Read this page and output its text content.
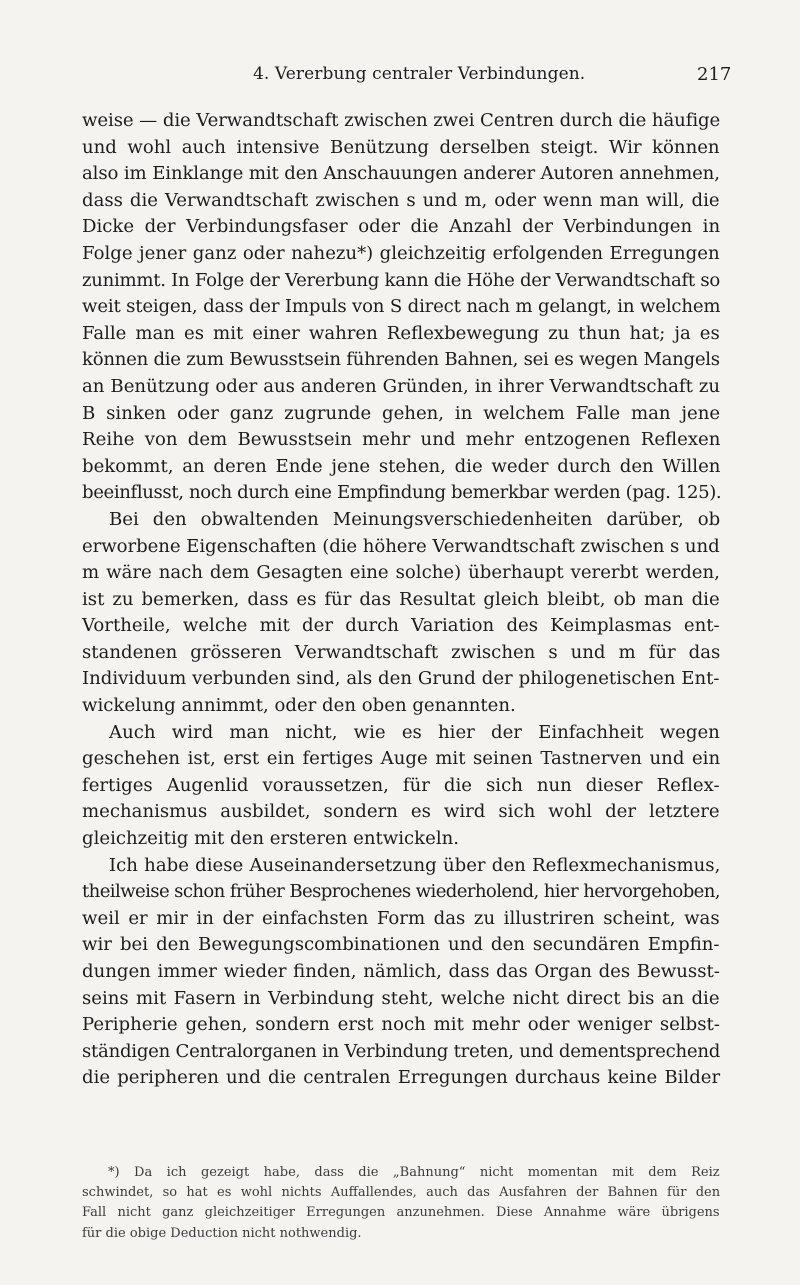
4. Vererbung centraler Verbindungen.	217
weise — die Verwandtschaft zwischen zwei Centren durch die häufige
und wohl auch intensive Benützung derselben steigt. Wir können
also im Einklange mit den Anschauungen anderer Autoren annehmen,
dass die Verwandtschaft zwischen s und m, oder wenn man will, die
Dicke der Verbindungsfaser oder die Anzahl der Verbindungen in
Folge jener ganz oder nahezu*) gleichzeitig erfolgenden Erregungen
zunimmt. In Folge der Vererbung kann die Höhe der Verwandtschaft so
weit steigen, dass der Impuls von S direct nach m gelangt, in welchem
Falle man es mit einer wahren Reflexbewegung zu thun hat; ja es
können die zum Bewusstsein führenden Bahnen, sei es wegen Mangels
an Benützung oder aus anderen Gründen, in ihrer Verwandtschaft zu
B sinken oder ganz zugrunde gehen, in welchem Falle man jene
Reihe von dem Bewusstsein mehr und mehr entzogenen Reflexen
bekommt, an deren Ende jene stehen, die weder durch den Willen
beeinflusst, noch durch eine Empfindung bemerkbar werden (pag. 125).
Bei den obwaltenden Meinungsverschiedenheiten darüber, ob
erworbene Eigenschaften (die höhere Verwandtschaft zwischen s und
m wäre nach dem Gesagten eine solche) überhaupt vererbt werden,
ist zu bemerken, dass es für das Resultat gleich bleibt, ob man die
Vortheile, welche mit der durch Variation des Keimplasmas ent-
standenen grösseren Verwandtschaft zwischen s und m für das
Individuum verbunden sind, als den Grund der philogenetischen Ent-
wickelung annimmt, oder den oben genannten.
Auch wird man nicht, wie es hier der Einfachheit wegen
geschehen ist, erst ein fertiges Auge mit seinen Tastnerven und ein
fertiges Augenlid voraussetzen, für die sich nun dieser Reflex-
mechanismus ausbildet, sondern es wird sich wohl der letztere
gleichzeitig mit den ersteren entwickeln.
Ich habe diese Auseinandersetzung über den Reflexmechanismus,
theilweise schon früher Besprochenes wiederholend, hier hervorgehoben,
weil er mir in der einfachsten Form das zu illustriren scheint, was
wir bei den Bewegungscombinationen und den secundären Empfin-
dungen immer wieder finden, nämlich, dass das Organ des Bewusst-
seins mit Fasern in Verbindung steht, welche nicht direct bis an die
Peripherie gehen, sondern erst noch mit mehr oder weniger selbst-
ständigen Centralorganen in Verbindung treten, und dementsprechend
die peripheren und die centralen Erregungen durchaus keine Bilder
*) Da ich gezeigt habe, dass die „Bahnung“ nicht momentan mit dem Reiz
schwindet, so hat es wohl nichts Auffallendes, auch das Ausfahren der Bahnen für den
Fall nicht ganz gleichzeitiger Erregungen anzunehmen. Diese Annahme wäre übrigens
für die obige Deduction nicht nothwendig.
